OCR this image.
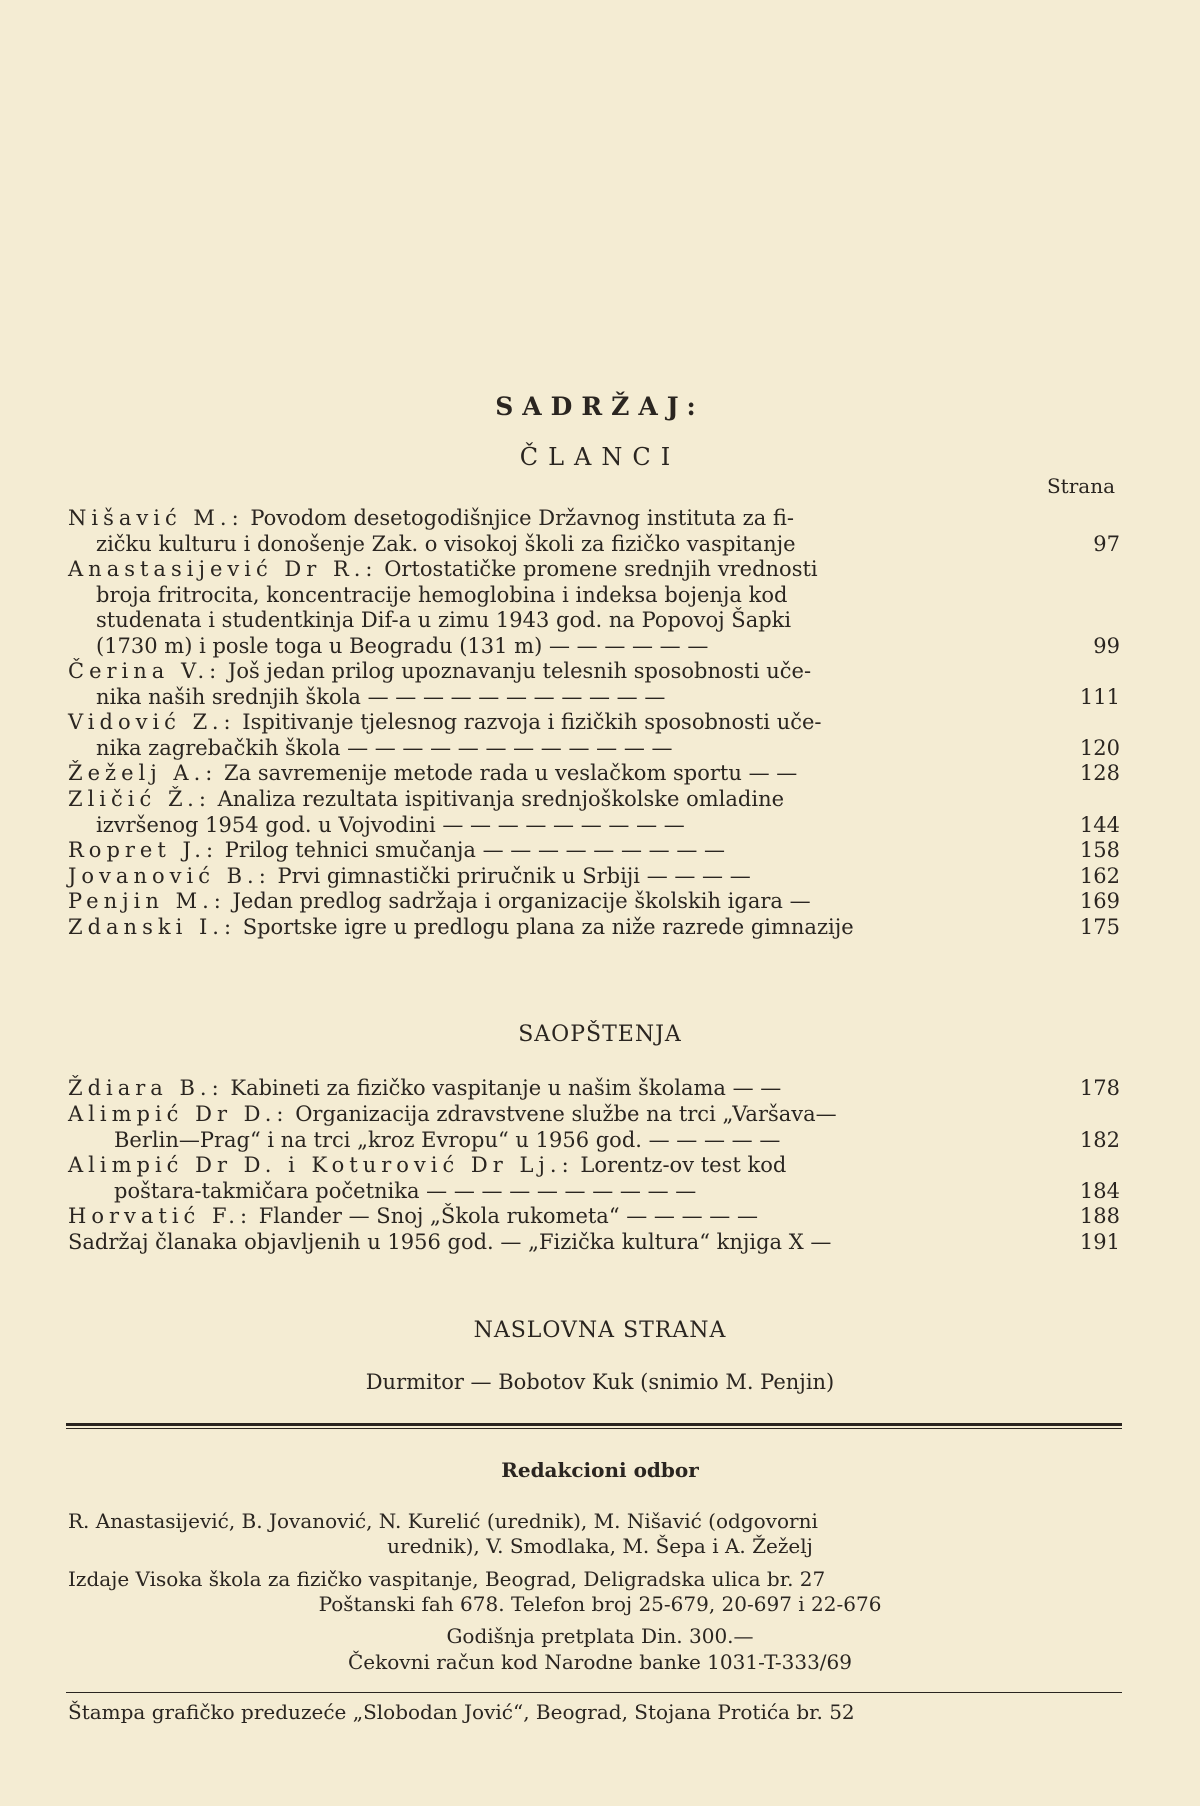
SADRŽAJ:
ČLANCI
Strana
Nišavić M.: Povodom desetogodišnjice Državnog instituta za fi-
zičku kulturu i donošenje Zak. o visokoj školi za fizičko vaspitanje	97
Anastasijević Dr R.: Ortostatičke promene srednjih vrednosti
broja fritrocita, koncentracije hemoglobina i indeksa bojenja kod
studenata i studentkinja Dif-a u zimu 1943 god. na Popovoj Šapki
(1730 m) i posle toga u Beogradu (131 m) — — — — — —	99
Čerina V.: Još jedan prilog upoznavanju telesnih sposobnosti uče-
nika naših srednjih škola — — — — — — — — — — —	111
Vidović Z.: Ispitivanje tjelesnog razvoja i fizičkih sposobnosti uče-
nika zagrebačkih škola — — — — — — — — — — — —	120
Žeželj A.: Za savremenije metode rada u veslačkom sportu — —	128
Zličić Ž.: Analiza rezultata ispitivanja srednjoškolske omladine
izvršenog 1954 god. u Vojvodini — — — — — — — — —	144
Ropret J.: Prilog tehnici smučanja — — — — — — — — —	158
Jovanović B.: Prvi gimnastički priručnik u Srbiji — — — —	162
Penjin M.: Jedan predlog sadržaja i organizacije školskih igara —	169
Zdanski I.: Sportske igre u predlogu plana za niže razrede gimnazije	175
SAOPŠTENJA
Ždiara B.: Kabineti za fizičko vaspitanje u našim školama — —	178
Alimpić Dr D.: Organizacija zdravstvene službe na trci „Varšava—
Berlin—Prag“ i na trci „kroz Evropu“ u 1956 god. — — — — —	182
Alimpić Dr D. i Koturović Dr Lj.: Lorentz-ov test kod
poštara-takmičara početnika — — — — — — — — — —	184
Horvatić F.: Flander — Snoj „Škola rukometa“ — — — — —	188
Sadržaj članaka objavljenih u 1956 god. — „Fizička kultura“ knjiga X —	191
NASLOVNA STRANA
Durmitor — Bobotov Kuk (snimio M. Penjin)
Redakcioni odbor
R. Anastasijević, B. Jovanović, N. Kurelić (urednik), M. Nišavić (odgovorni
urednik), V. Smodlaka, M. Šepa i A. Žeželj
Izdaje Visoka škola za fizičko vaspitanje, Beograd, Deligradska ulica br. 27
Poštanski fah 678. Telefon broj 25-679, 20-697 i 22-676
Godišnja pretplata Din. 300.—
Čekovni račun kod Narodne banke 1031-T-333/69
Štampa grafičko preduzeće „Slobodan Jović“, Beograd, Stojana Protića br. 52
